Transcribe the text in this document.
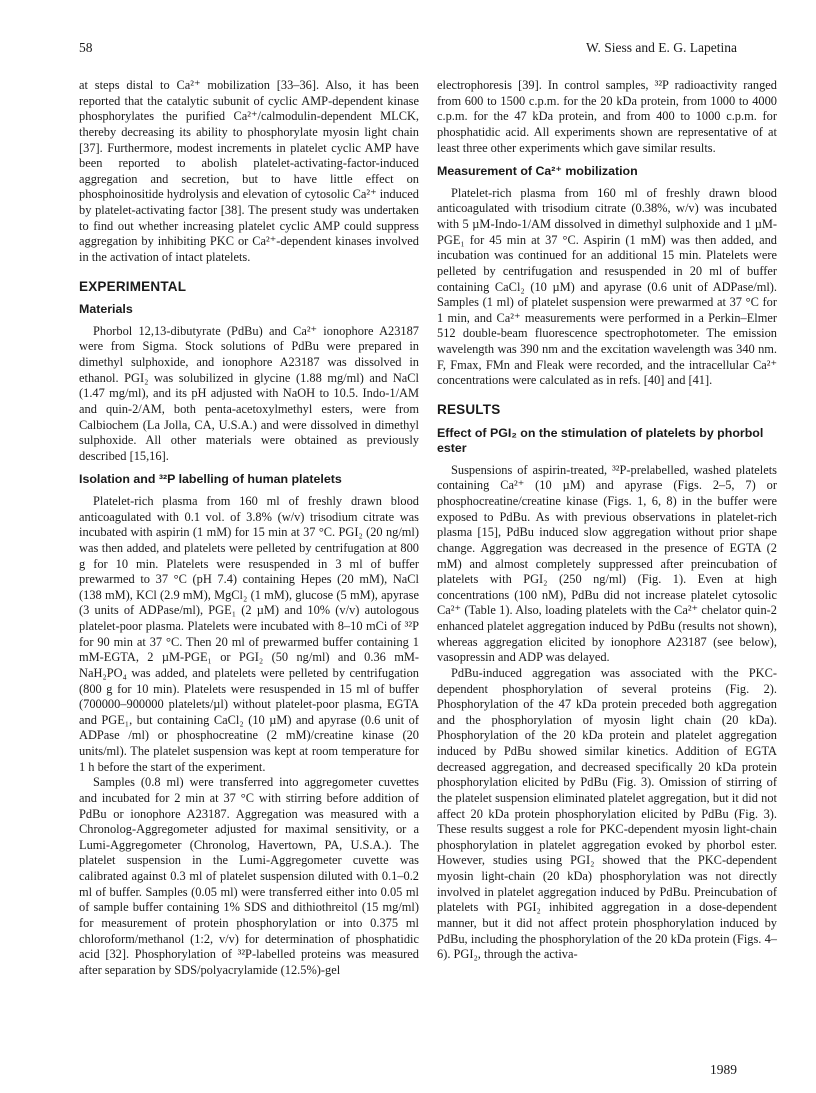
58	W. Siess and E. G. Lapetina

at steps distal to Ca²⁺ mobilization [33–36]. Also, it has been reported that the catalytic subunit of cyclic AMP-dependent kinase phosphorylates the purified Ca²⁺/calmodulin-dependent MLCK, thereby decreasing its ability to phosphorylate myosin light chain [37]. Furthermore, modest increments in platelet cyclic AMP have been reported to abolish platelet-activating-factor-induced aggregation and secretion, but to have little effect on phosphoinositide hydrolysis and elevation of cytosolic Ca²⁺ induced by platelet-activating factor [38]. The present study was undertaken to find out whether increasing platelet cyclic AMP could suppress aggregation by inhibiting PKC or Ca²⁺-dependent kinases involved in the activation of intact platelets.

EXPERIMENTAL
Materials

Phorbol 12,13-dibutyrate (PdBu) and Ca²⁺ ionophore A23187 were from Sigma. Stock solutions of PdBu were prepared in dimethyl sulphoxide, and ionophore A23187 was dissolved in ethanol. PGI₂ was solubilized in glycine (1.88 mg/ml) and NaCl (1.47 mg/ml), and its pH adjusted with NaOH to 10.5. Indo-1/AM and quin-2/AM, both penta-acetoxylmethyl esters, were from Calbiochem (La Jolla, CA, U.S.A.) and were dissolved in dimethyl sulphoxide. All other materials were obtained as previously described [15,16].

Isolation and ³²P labelling of human platelets

Platelet-rich plasma from 160 ml of freshly drawn blood anticoagulated with 0.1 vol. of 3.8% (w/v) trisodium citrate was incubated with aspirin (1 mM) for 15 min at 37 °C. PGI₂ (20 ng/ml) was then added, and platelets were pelleted by centrifugation at 800 g for 10 min. Platelets were resuspended in 3 ml of buffer prewarmed to 37 °C (pH 7.4) containing Hepes (20 mM), NaCl (138 mM), KCl (2.9 mM), MgCl₂ (1 mM), glucose (5 mM), apyrase (3 units of ADPase/ml), PGE₁ (2 µM) and 10% (v/v) autologous platelet-poor plasma. Platelets were incubated with 8–10 mCi of ³²P for 90 min at 37 °C. Then 20 ml of prewarmed buffer containing 1 mM-EGTA, 2 µM-PGE₁ or PGI₂ (50 ng/ml) and 0.36 mM-NaH₂PO₄ was added, and platelets were pelleted by centrifugation (800 g for 10 min). Platelets were resuspended in 15 ml of buffer (700000–900000 platelets/µl) without platelet-poor plasma, EGTA and PGE₁, but containing CaCl₂ (10 µM) and apyrase (0.6 unit of ADPase /ml) or phosphocreatine (2 mM)/creatine kinase (20 units/ml). The platelet suspension was kept at room temperature for 1 h before the start of the experiment.

Samples (0.8 ml) were transferred into aggregometer cuvettes and incubated for 2 min at 37 °C with stirring before addition of PdBu or ionophore A23187. Aggregation was measured with a Chronolog-Aggregometer adjusted for maximal sensitivity, or a Lumi-Aggregometer (Chronolog, Havertown, PA, U.S.A.). The platelet suspension in the Lumi-Aggregometer cuvette was calibrated against 0.3 ml of platelet suspension diluted with 0.1–0.2 ml of buffer. Samples (0.05 ml) were transferred either into 0.05 ml of sample buffer containing 1% SDS and dithiothreitol (15 mg/ml) for measurement of protein phosphorylation or into 0.375 ml chloroform/methanol (1:2, v/v) for determination of phosphatidic acid [32]. Phosphorylation of ³²P-labelled proteins was measured after separation by SDS/polyacrylamide (12.5%)-gel

electrophoresis [39]. In control samples, ³²P radioactivity ranged from 600 to 1500 c.p.m. for the 20 kDa protein, from 1000 to 4000 c.p.m. for the 47 kDa protein, and from 400 to 1000 c.p.m. for phosphatidic acid. All experiments shown are representative of at least three other experiments which gave similar results.

Measurement of Ca²⁺ mobilization

Platelet-rich plasma from 160 ml of freshly drawn blood anticoagulated with trisodium citrate (0.38%, w/v) was incubated with 5 µM-Indo-1/AM dissolved in dimethyl sulphoxide and 1 µM-PGE₁ for 45 min at 37 °C. Aspirin (1 mM) was then added, and incubation was continued for an additional 15 min. Platelets were pelleted by centrifugation and resuspended in 20 ml of buffer containing CaCl₂ (10 µM) and apyrase (0.6 unit of ADPase/ml). Samples (1 ml) of platelet suspension were prewarmed at 37 °C for 1 min, and Ca²⁺ measurements were performed in a Perkin–Elmer 512 double-beam fluorescence spectrophotometer. The emission wavelength was 390 nm and the excitation wavelength was 340 nm. F, Fmax, FMn and Fleak were recorded, and the intracellular Ca²⁺ concentrations were calculated as in refs. [40] and [41].

RESULTS
Effect of PGI₂ on the stimulation of platelets by phorbol ester

Suspensions of aspirin-treated, ³²P-prelabelled, washed platelets containing Ca²⁺ (10 µM) and apyrase (Figs. 2–5, 7) or phosphocreatine/creatine kinase (Figs. 1, 6, 8) in the buffer were exposed to PdBu. As with previous observations in platelet-rich plasma [15], PdBu induced slow aggregation without prior shape change. Aggregation was decreased in the presence of EGTA (2 mM) and almost completely suppressed after preincubation of platelets with PGI₂ (250 ng/ml) (Fig. 1). Even at high concentrations (100 nM), PdBu did not increase platelet cytosolic Ca²⁺ (Table 1). Also, loading platelets with the Ca²⁺ chelator quin-2 enhanced platelet aggregation induced by PdBu (results not shown), whereas aggregation elicited by ionophore A23187 (see below), vasopressin and ADP was delayed.

PdBu-induced aggregation was associated with the PKC-dependent phosphorylation of several proteins (Fig. 2). Phosphorylation of the 47 kDa protein preceded both aggregation and the phosphorylation of myosin light chain (20 kDa). Phosphorylation of the 20 kDa protein and platelet aggregation induced by PdBu showed similar kinetics. Addition of EGTA decreased aggregation, and decreased specifically 20 kDa protein phosphorylation elicited by PdBu (Fig. 3). Omission of stirring of the platelet suspension eliminated platelet aggregation, but it did not affect 20 kDa protein phosphorylation elicited by PdBu (Fig. 3). These results suggest a role for PKC-dependent myosin light-chain phosphorylation in platelet aggregation evoked by phorbol ester. However, studies using PGI₂ showed that the PKC-dependent myosin light-chain (20 kDa) phosphorylation was not directly involved in platelet aggregation induced by PdBu. Preincubation of platelets with PGI₂ inhibited aggregation in a dose-dependent manner, but it did not affect protein phosphorylation induced by PdBu, including the phosphorylation of the 20 kDa protein (Figs. 4–6). PGI₂, through the activa-

1989
